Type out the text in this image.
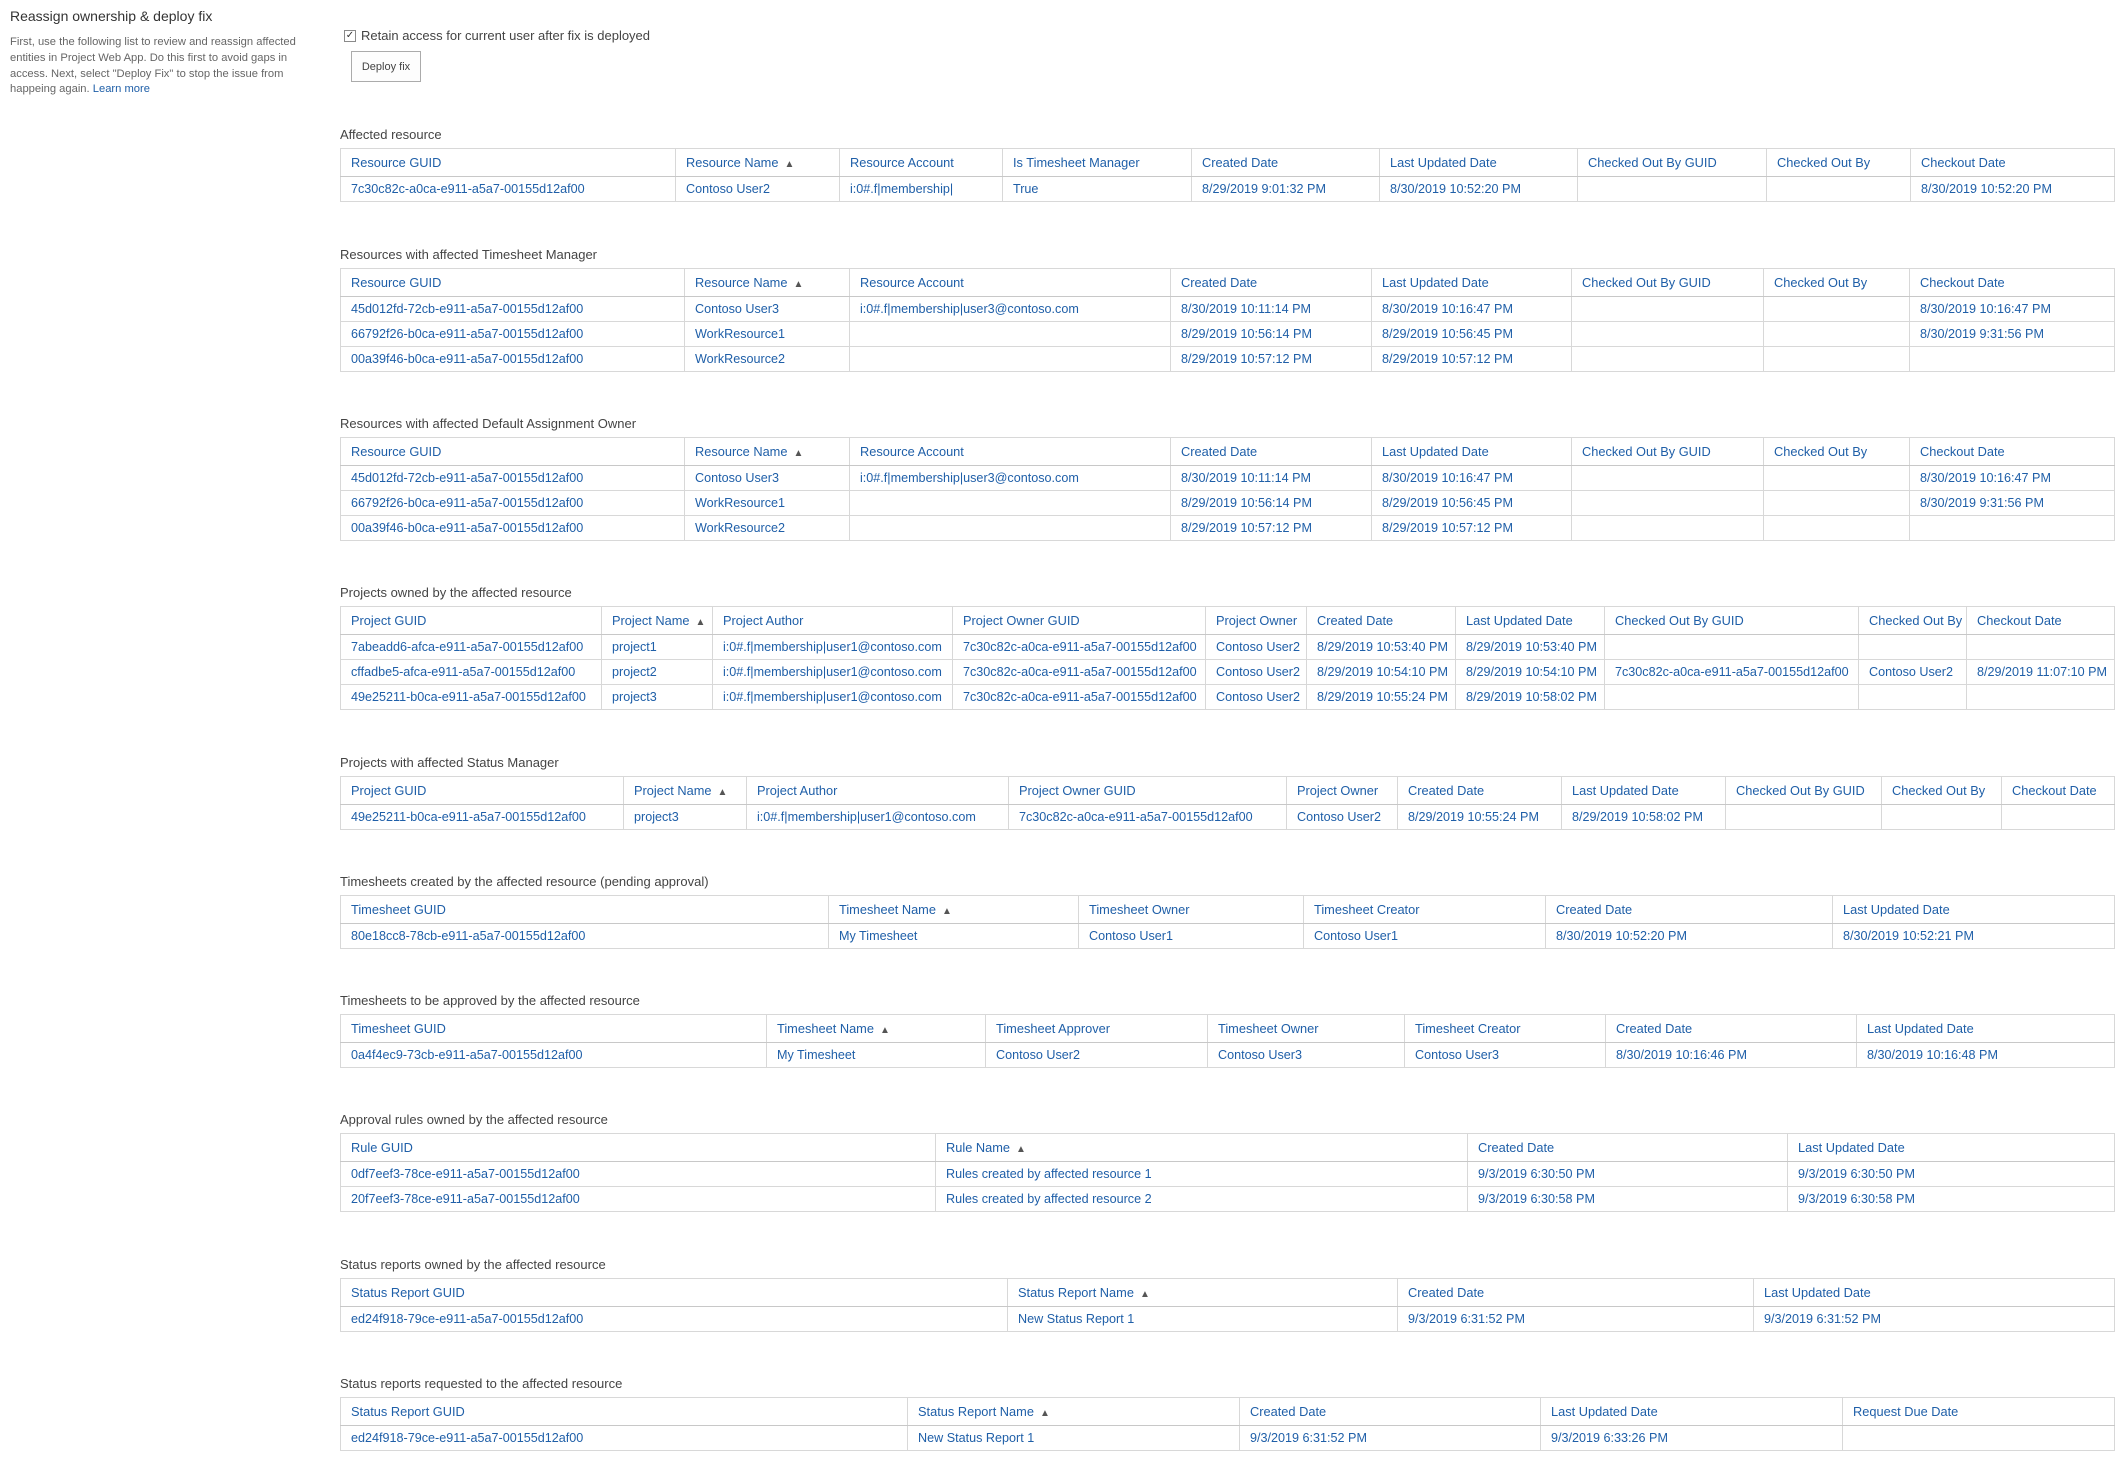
Reassign ownership & deploy fix
First, use the following list to review and reassign affected entities in Project Web App. Do this first to avoid gaps in access. Next, select "Deploy Fix" to stop the issue from happeing again. Learn more
✓ Retain access for current user after fix is deployed
Deploy fix
Affected resource
Resource GUID	Resource Name ▲	Resource Account	Is Timesheet Manager	Created Date	Last Updated Date	Checked Out By GUID	Checked Out By	Checkout Date
7c30c82c-a0ca-e911-a5a7-00155d12af00	Contoso User2	i:0#.f|membership|	True	8/29/2019 9:01:32 PM	8/30/2019 10:52:20 PM			8/30/2019 10:52:20 PM
Resources with affected Timesheet Manager
Resource GUID	Resource Name ▲	Resource Account	Created Date	Last Updated Date	Checked Out By GUID	Checked Out By	Checkout Date
45d012fd-72cb-e911-a5a7-00155d12af00	Contoso User3	i:0#.f|membership|user3@contoso.com	8/30/2019 10:11:14 PM	8/30/2019 10:16:47 PM			8/30/2019 10:16:47 PM
66792f26-b0ca-e911-a5a7-00155d12af00	WorkResource1		8/29/2019 10:56:14 PM	8/29/2019 10:56:45 PM			8/30/2019 9:31:56 PM
00a39f46-b0ca-e911-a5a7-00155d12af00	WorkResource2		8/29/2019 10:57:12 PM	8/29/2019 10:57:12 PM			
Resources with affected Default Assignment Owner
Resource GUID	Resource Name ▲	Resource Account	Created Date	Last Updated Date	Checked Out By GUID	Checked Out By	Checkout Date
45d012fd-72cb-e911-a5a7-00155d12af00	Contoso User3	i:0#.f|membership|user3@contoso.com	8/30/2019 10:11:14 PM	8/30/2019 10:16:47 PM			8/30/2019 10:16:47 PM
66792f26-b0ca-e911-a5a7-00155d12af00	WorkResource1		8/29/2019 10:56:14 PM	8/29/2019 10:56:45 PM			8/30/2019 9:31:56 PM
00a39f46-b0ca-e911-a5a7-00155d12af00	WorkResource2		8/29/2019 10:57:12 PM	8/29/2019 10:57:12 PM			
Projects owned by the affected resource
Project GUID	Project Name ▲	Project Author	Project Owner GUID	Project Owner	Created Date	Last Updated Date	Checked Out By GUID	Checked Out By	Checkout Date
7abeadd6-afca-e911-a5a7-00155d12af00	project1	i:0#.f|membership|user1@contoso.com	7c30c82c-a0ca-e911-a5a7-00155d12af00	Contoso User2	8/29/2019 10:53:40 PM	8/29/2019 10:53:40 PM			
cffadbe5-afca-e911-a5a7-00155d12af00	project2	i:0#.f|membership|user1@contoso.com	7c30c82c-a0ca-e911-a5a7-00155d12af00	Contoso User2	8/29/2019 10:54:10 PM	8/29/2019 10:54:10 PM	7c30c82c-a0ca-e911-a5a7-00155d12af00	Contoso User2	8/29/2019 11:07:10 PM
49e25211-b0ca-e911-a5a7-00155d12af00	project3	i:0#.f|membership|user1@contoso.com	7c30c82c-a0ca-e911-a5a7-00155d12af00	Contoso User2	8/29/2019 10:55:24 PM	8/29/2019 10:58:02 PM			
Projects with affected Status Manager
Project GUID	Project Name ▲	Project Author	Project Owner GUID	Project Owner	Created Date	Last Updated Date	Checked Out By GUID	Checked Out By	Checkout Date
49e25211-b0ca-e911-a5a7-00155d12af00	project3	i:0#.f|membership|user1@contoso.com	7c30c82c-a0ca-e911-a5a7-00155d12af00	Contoso User2	8/29/2019 10:55:24 PM	8/29/2019 10:58:02 PM			
Timesheets created by the affected resource (pending approval)
Timesheet GUID	Timesheet Name ▲	Timesheet Owner	Timesheet Creator	Created Date	Last Updated Date
80e18cc8-78cb-e911-a5a7-00155d12af00	My Timesheet	Contoso User1	Contoso User1	8/30/2019 10:52:20 PM	8/30/2019 10:52:21 PM
Timesheets to be approved by the affected resource
Timesheet GUID	Timesheet Name ▲	Timesheet Approver	Timesheet Owner	Timesheet Creator	Created Date	Last Updated Date
0a4f4ec9-73cb-e911-a5a7-00155d12af00	My Timesheet	Contoso User2	Contoso User3	Contoso User3	8/30/2019 10:16:46 PM	8/30/2019 10:16:48 PM
Approval rules owned by the affected resource
Rule GUID	Rule Name ▲	Created Date	Last Updated Date
0df7eef3-78ce-e911-a5a7-00155d12af00	Rules created by affected resource 1	9/3/2019 6:30:50 PM	9/3/2019 6:30:50 PM
20f7eef3-78ce-e911-a5a7-00155d12af00	Rules created by affected resource 2	9/3/2019 6:30:58 PM	9/3/2019 6:30:58 PM
Status reports owned by the affected resource
Status Report GUID	Status Report Name ▲	Created Date	Last Updated Date
ed24f918-79ce-e911-a5a7-00155d12af00	New Status Report 1	9/3/2019 6:31:52 PM	9/3/2019 6:31:52 PM
Status reports requested to the affected resource
Status Report GUID	Status Report Name ▲	Created Date	Last Updated Date	Request Due Date
ed24f918-79ce-e911-a5a7-00155d12af00	New Status Report 1	9/3/2019 6:31:52 PM	9/3/2019 6:33:26 PM	
